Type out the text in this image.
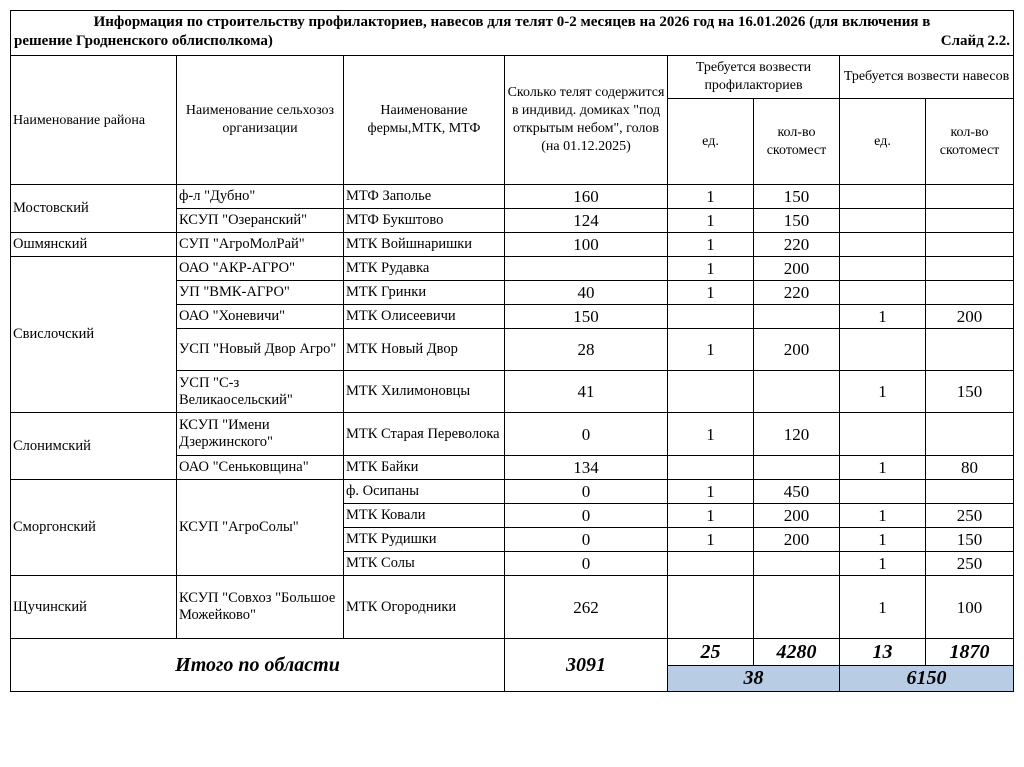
Информация по строительству профилакториев, навесов для телят 0-2 месяцев на 2026 год на 16.01.2026 (для включения в
решение Гродненского облисполкома) Слайд 2.2.							

Наименование района	Наименование сельхозоз организации	Наименование фермы,МТК, МТФ	Сколько телят содержится в индивид. домиках "под открытым небом", голов (на 01.12.2025)	Требуется возвести профилакториев		Требуется возвести навесов	
				ед.	кол-во скотомест	ед.	кол-во скотомест
Мостовский	ф-л "Дубно"	МТФ Заполье	160	1	150		
	КСУП "Озеранский"	МТФ Букштово	124	1	150		
Ошмянский	СУП "АгроМолРай"	МТК Войшнаришки	100	1	220		
Свислочский	ОАО "АКР-АГРО"	МТК Рудавка		1	200		
	УП "ВМК-АГРО"	МТК Гринки	40	1	220		
	ОАО "Хоневичи"	МТК Олисеевичи	150			1	200
	УСП "Новый Двор Агро"	МТК Новый Двор	28	1	200		
	УСП "С-з Великаосельский"	МТК Хилимоновцы	41			1	150
Слонимский	КСУП "Имени Дзержинского"	МТК Старая Переволока	0	1	120		
	ОАО "Сеньковщина"	МТК Байки	134			1	80
Сморгонский	КСУП "АгроСолы"	ф. Осипаны	0	1	450		
		МТК Ковали	0	1	200	1	250
		МТК Рудишки	0	1	200	1	150
		МТК Солы	0			1	250
Щучинский	КСУП "Совхоз "Большое Можейково"	МТК Огородники	262			1	100
Итого по области			3091	25	4280	13	1870
				38		6150	
